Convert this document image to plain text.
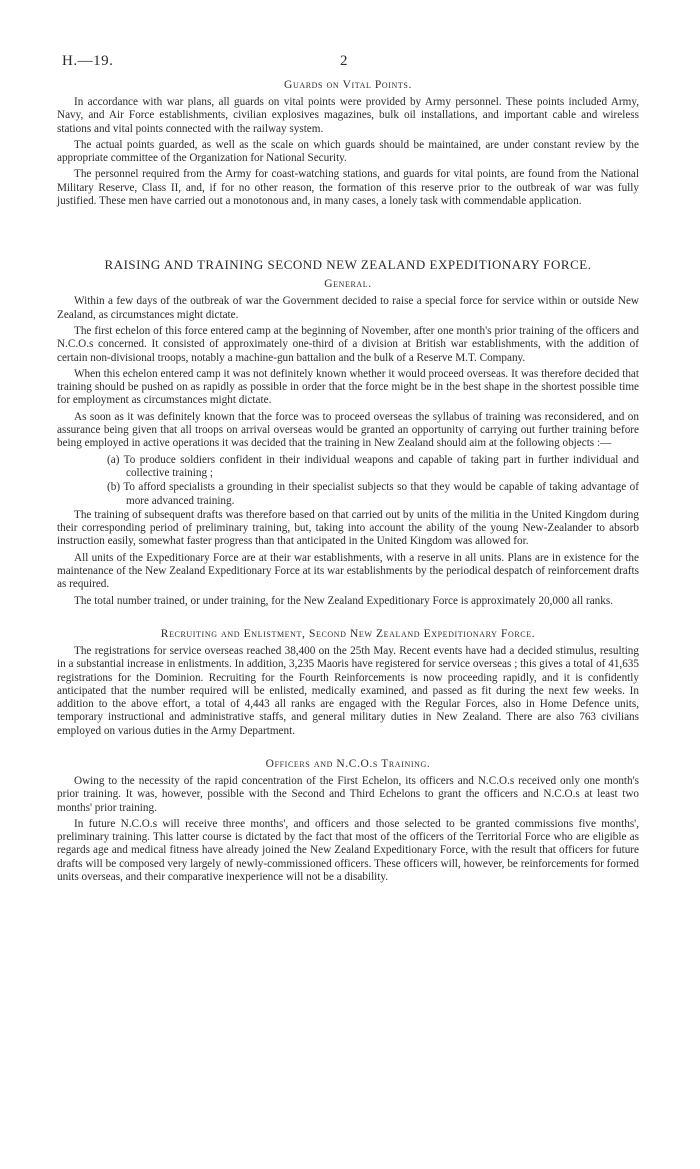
H.—19.	2
Guards on Vital Points.

In accordance with war plans, all guards on vital points were provided by Army personnel. These points included Army, Navy, and Air Force establishments, civilian explosives magazines, bulk oil installations, and important cable and wireless stations and vital points connected with the railway system.

The actual points guarded, as well as the scale on which guards should be maintained, are under constant review by the appropriate committee of the Organization for National Security.

The personnel required from the Army for coast-watching stations, and guards for vital points, are found from the National Military Reserve, Class II, and, if for no other reason, the formation of this reserve prior to the outbreak of war was fully justified. These men have carried out a monotonous and, in many cases, a lonely task with commendable application.

RAISING AND TRAINING SECOND NEW ZEALAND EXPEDITIONARY FORCE.
General.

Within a few days of the outbreak of war the Government decided to raise a special force for service within or outside New Zealand, as circumstances might dictate.

The first echelon of this force entered camp at the beginning of November, after one month's prior training of the officers and N.C.O.s concerned. It consisted of approximately one-third of a division at British war establishments, with the addition of certain non-divisional troops, notably a machine-gun battalion and the bulk of a Reserve M.T. Company.

When this echelon entered camp it was not definitely known whether it would proceed overseas. It was therefore decided that training should be pushed on as rapidly as possible in order that the force might be in the best shape in the shortest possible time for employment as circumstances might dictate.

As soon as it was definitely known that the force was to proceed overseas the syllabus of training was reconsidered, and on assurance being given that all troops on arrival overseas would be granted an opportunity of carrying out further training before being employed in active operations it was decided that the training in New Zealand should aim at the following objects :—

(a) To produce soldiers confident in their individual weapons and capable of taking part in further individual and collective training ;

(b) To afford specialists a grounding in their specialist subjects so that they would be capable of taking advantage of more advanced training.

The training of subsequent drafts was therefore based on that carried out by units of the militia in the United Kingdom during their corresponding period of preliminary training, but, taking into account the ability of the young New-Zealander to absorb instruction easily, somewhat faster progress than that anticipated in the United Kingdom was allowed for.

All units of the Expeditionary Force are at their war establishments, with a reserve in all units. Plans are in existence for the maintenance of the New Zealand Expeditionary Force at its war establishments by the periodical despatch of reinforcement drafts as required.

The total number trained, or under training, for the New Zealand Expeditionary Force is approximately 20,000 all ranks.

Recruiting and Enlistment, Second New Zealand Expeditionary Force.

The registrations for service overseas reached 38,400 on the 25th May. Recent events have had a decided stimulus, resulting in a substantial increase in enlistments. In addition, 3,235 Maoris have registered for service overseas ; this gives a total of 41,635 registrations for the Dominion. Recruiting for the Fourth Reinforcements is now proceeding rapidly, and it is confidently anticipated that the number required will be enlisted, medically examined, and passed as fit during the next few weeks. In addition to the above effort, a total of 4,443 all ranks are engaged with the Regular Forces, also in Home Defence units, temporary instructional and administrative staffs, and general military duties in New Zealand. There are also 763 civilians employed on various duties in the Army Department.

Officers and N.C.O.s Training.

Owing to the necessity of the rapid concentration of the First Echelon, its officers and N.C.O.s received only one month's prior training. It was, however, possible with the Second and Third Echelons to grant the officers and N.C.O.s at least two months' prior training.

In future N.C.O.s will receive three months', and officers and those selected to be granted commissions five months', preliminary training. This latter course is dictated by the fact that most of the officers of the Territorial Force who are eligible as regards age and medical fitness have already joined the New Zealand Expeditionary Force, with the result that officers for future drafts will be composed very largely of newly-commissioned officers. These officers will, however, be reinforcements for formed units overseas, and their comparative inexperience will not be a disability.
